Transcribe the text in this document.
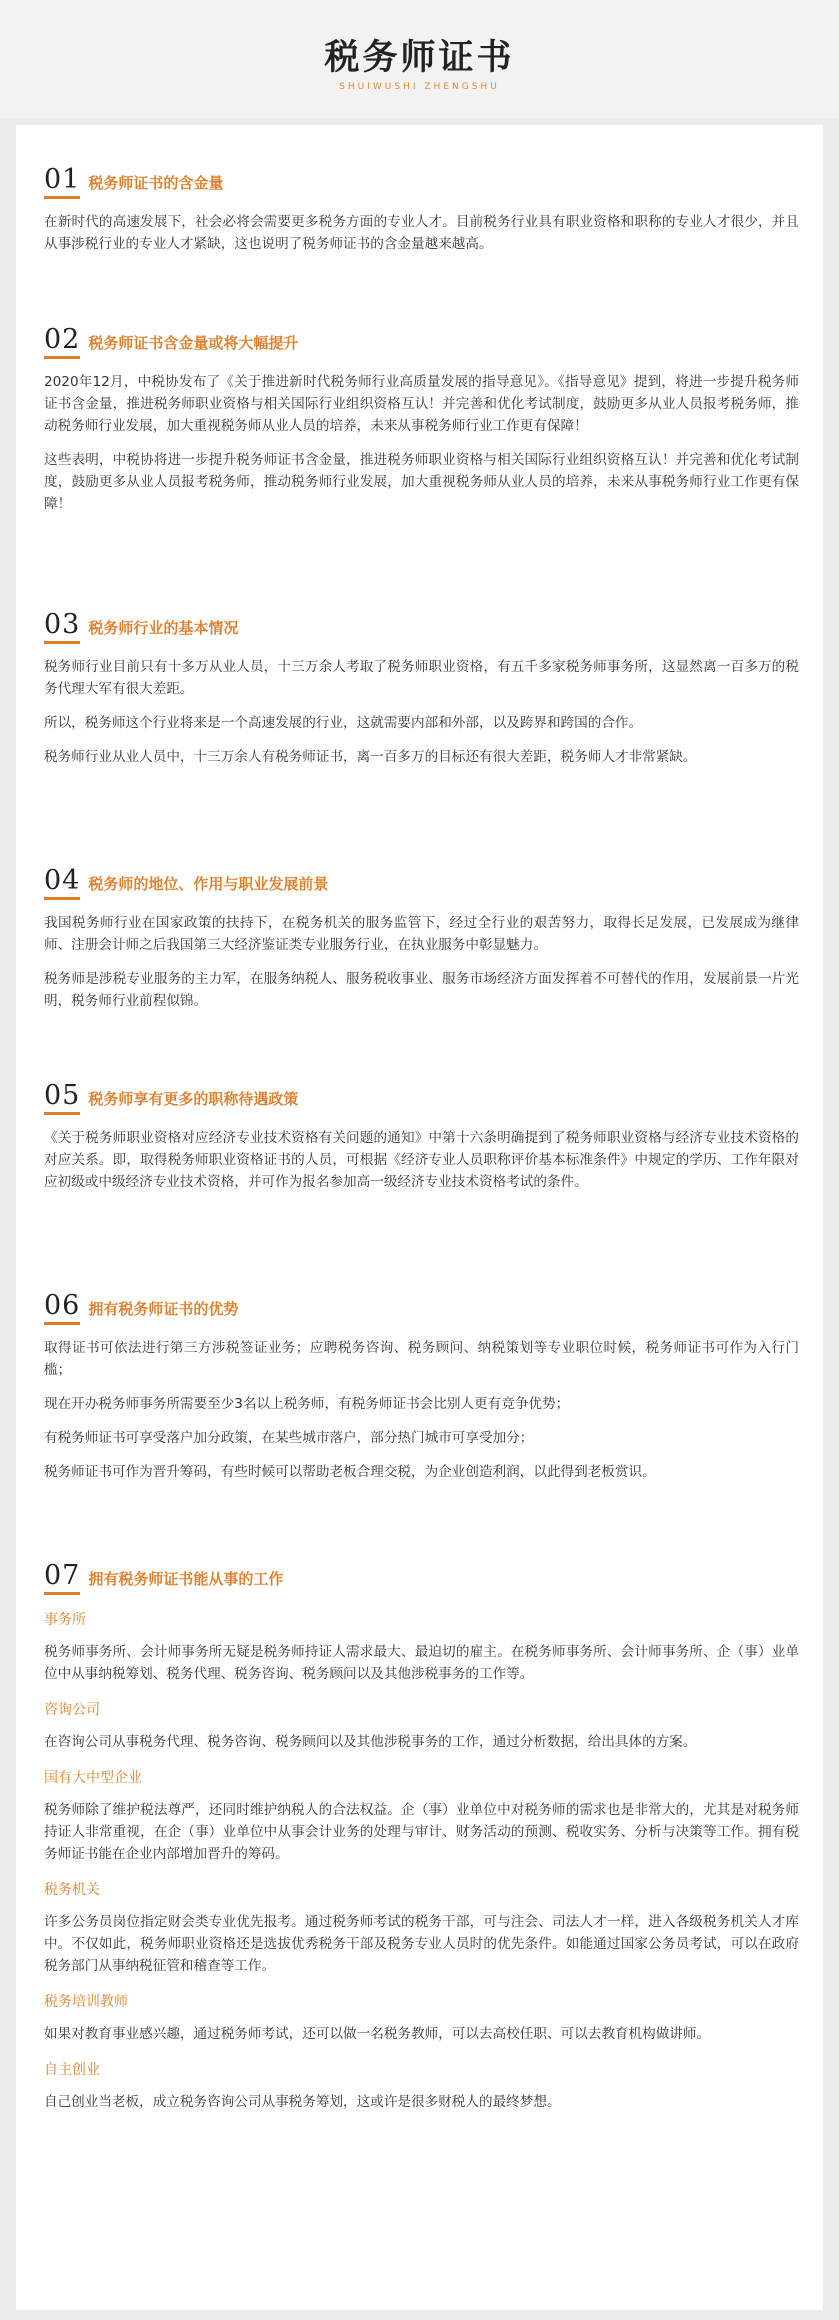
税务师证书
SHUIWUSHI ZHENGSHU
01 税务师证书的含金量

在新时代的高速发展下，社会必将会需要更多税务方面的专业人才。目前税务行业具有职业资格和职称的专业人才很少，并且从事涉税行业的专业人才紧缺，这也说明了税务师证书的含金量越来越高。

02 税务师证书含金量或将大幅提升

2020年12月，中税协发布了《关于推进新时代税务师行业高质量发展的指导意见》。《指导意见》提到，将进一步提升税务师证书含金量，推进税务师职业资格与相关国际行业组织资格互认！并完善和优化考试制度，鼓励更多从业人员报考税务师，推动税务师行业发展，加大重视税务师从业人员的培养，未来从事税务师行业工作更有保障！

这些表明，中税协将进一步提升税务师证书含金量，推进税务师职业资格与相关国际行业组织资格互认！并完善和优化考试制度，鼓励更多从业人员报考税务师，推动税务师行业发展，加大重视税务师从业人员的培养，未来从事税务师行业工作更有保障！

03 税务师行业的基本情况

税务师行业目前只有十多万从业人员，十三万余人考取了税务师职业资格，有五千多家税务师事务所，这显然离一百多万的税务代理大军有很大差距。

所以，税务师这个行业将来是一个高速发展的行业，这就需要内部和外部，以及跨界和跨国的合作。

税务师行业从业人员中，十三万余人有税务师证书，离一百多万的目标还有很大差距，税务师人才非常紧缺。

04 税务师的地位、作用与职业发展前景

我国税务师行业在国家政策的扶持下，在税务机关的服务监管下，经过全行业的艰苦努力，取得长足发展，已发展成为继律师、注册会计师之后我国第三大经济鉴证类专业服务行业，在执业服务中彰显魅力。

税务师是涉税专业服务的主力军，在服务纳税人、服务税收事业、服务市场经济方面发挥着不可替代的作用，发展前景一片光明，税务师行业前程似锦。

05 税务师享有更多的职称待遇政策

《关于税务师职业资格对应经济专业技术资格有关问题的通知》中第十六条明确提到了税务师职业资格与经济专业技术资格的对应关系。即，取得税务师职业资格证书的人员，可根据《经济专业人员职称评价基本标准条件》中规定的学历、工作年限对应初级或中级经济专业技术资格，并可作为报名参加高一级经济专业技术资格考试的条件。

06 拥有税务师证书的优势

取得证书可依法进行第三方涉税签证业务；应聘税务咨询、税务顾问、纳税策划等专业职位时候，税务师证书可作为入行门槛；

现在开办税务师事务所需要至少3名以上税务师，有税务师证书会比别人更有竞争优势；

有税务师证书可享受落户加分政策，在某些城市落户，部分热门城市可享受加分；

税务师证书可作为晋升筹码，有些时候可以帮助老板合理交税，为企业创造利润，以此得到老板赏识。

07 拥有税务师证书能从事的工作
事务所

税务师事务所、会计师事务所无疑是税务师持证人需求最大、最迫切的雇主。在税务师事务所、会计师事务所、企（事）业单位中从事纳税筹划、税务代理、税务咨询、税务顾问以及其他涉税事务的工作等。

咨询公司

在咨询公司从事税务代理、税务咨询、税务顾问以及其他涉税事务的工作，通过分析数据，给出具体的方案。

国有大中型企业

税务师除了维护税法尊严，还同时维护纳税人的合法权益。企（事）业单位中对税务师的需求也是非常大的，尤其是对税务师持证人非常重视，在企（事）业单位中从事会计业务的处理与审计、财务活动的预测、税收实务、分析与决策等工作。拥有税务师证书能在企业内部增加晋升的筹码。

税务机关

许多公务员岗位指定财会类专业优先报考。通过税务师考试的税务干部，可与注会、司法人才一样，进入各级税务机关人才库中。不仅如此，税务师职业资格还是选拔优秀税务干部及税务专业人员时的优先条件。如能通过国家公务员考试，可以在政府税务部门从事纳税征管和稽查等工作。

税务培训教师

如果对教育事业感兴趣，通过税务师考试，还可以做一名税务教师，可以去高校任职、可以去教育机构做讲师。

自主创业

自己创业当老板，成立税务咨询公司从事税务筹划，这或许是很多财税人的最终梦想。
